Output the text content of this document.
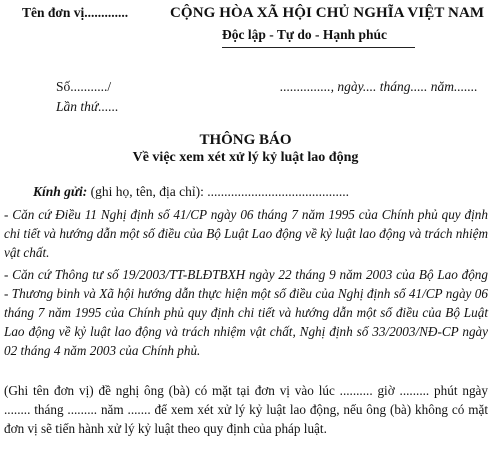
Tên đơn vị.............	CỘNG HÒA XÃ HỘI CHỦ NGHĨA VIỆT NAM
Độc lập - Tự do - Hạnh phúc
Số.........../	..............., ngày.... tháng..... năm.......
Lần thứ......
THÔNG BÁO
Về việc xem xét xử lý kỷ luật lao động
Kính gửi: (ghi họ, tên, địa chỉ): ..........................................
- Căn cứ Điều 11 Nghị định số 41/CP ngày 06 tháng 7 năm 1995 của Chính phủ quy định chi tiết và hướng dẫn một số điều của Bộ Luật Lao động về kỷ luật lao động và trách nhiệm vật chất.
- Căn cứ Thông tư số 19/2003/TT-BLĐTBXH ngày 22 tháng 9 năm 2003 của Bộ Lao động - Thương binh và Xã hội hướng dẫn thực hiện một số điều của Nghị định số 41/CP ngày 06 tháng 7 năm 1995 của Chính phủ quy định chi tiết và hướng dẫn một số điều của Bộ Luật Lao động về kỷ luật lao động và trách nhiệm vật chất, Nghị định số 33/2003/NĐ-CP ngày 02 tháng 4 năm 2003 của Chính phủ.
(Ghi tên đơn vị) đề nghị ông (bà) có mặt tại đơn vị vào lúc .......... giờ ......... phút ngày ........ tháng ......... năm ....... để xem xét xử lý kỷ luật lao động, nếu ông (bà) không có mặt đơn vị sẽ tiến hành xử lý kỷ luật theo quy định của pháp luật.
